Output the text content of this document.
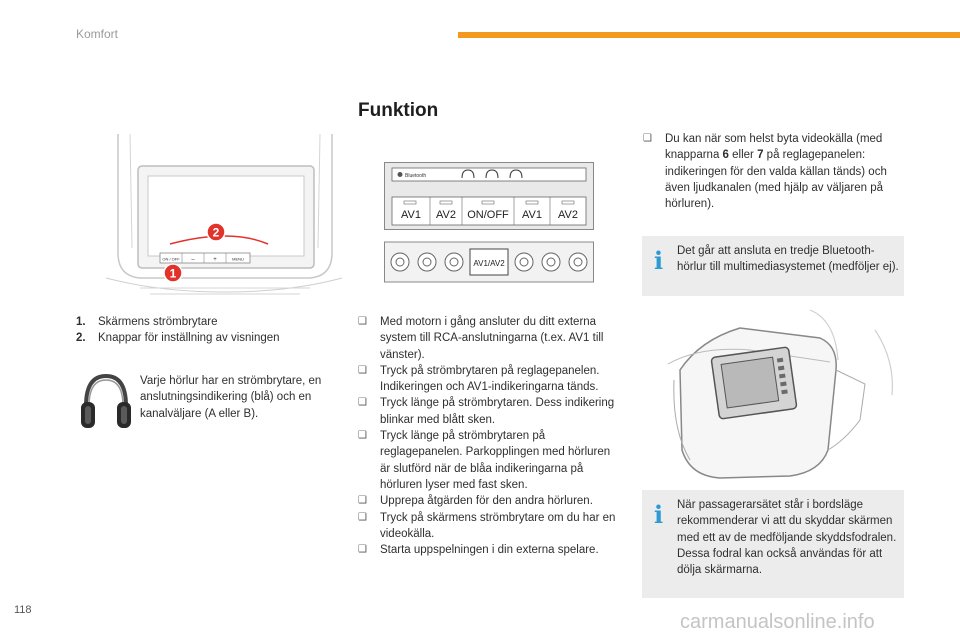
Komfort
Funktion
ON / OFF –	+	MENU
2
1
1.	Skärmens strömbrytare
2.	Knappar för inställning av visningen
Varje hörlur har en strömbrytare, en anslutningsindikering (blå) och en kanalväljare (A eller B).
Bluetooth
AV1 AV2 ON/OFF AV1 AV2
AV1/AV2
❑ Med motorn i gång ansluter du ditt externa system till RCA-anslutningarna (t.ex. AV1 till vänster).
❑ Tryck på strömbrytaren på reglagepanelen. Indikeringen och AV1-indikeringarna tänds.
❑ Tryck länge på strömbrytaren. Dess indikering blinkar med blått sken.
❑ Tryck länge på strömbrytaren på reglagepanelen. Parkopplingen med hörluren är slutförd när de blåa indikeringarna på hörluren lyser med fast sken.
❑ Upprepa åtgärden för den andra hörluren.
❑ Tryck på skärmens strömbrytare om du har en videokälla.
❑ Starta uppspelningen i din externa spelare.
❑ Du kan när som helst byta videokälla (med knapparna 6 eller 7 på reglagepanelen: indikeringen för den valda källan tänds) och även ljudkanalen (med hjälp av väljaren på hörluren).
i Det går att ansluta en tredje Bluetooth-hörlur till multimediasystemet (medföljer ej).
i När passagerarsätet står i bordsläge rekommenderar vi att du skyddar skärmen med ett av de medföljande skyddsfodralen.
Dessa fodral kan också användas för att dölja skärmarna.
118
carmanualsonline.info
